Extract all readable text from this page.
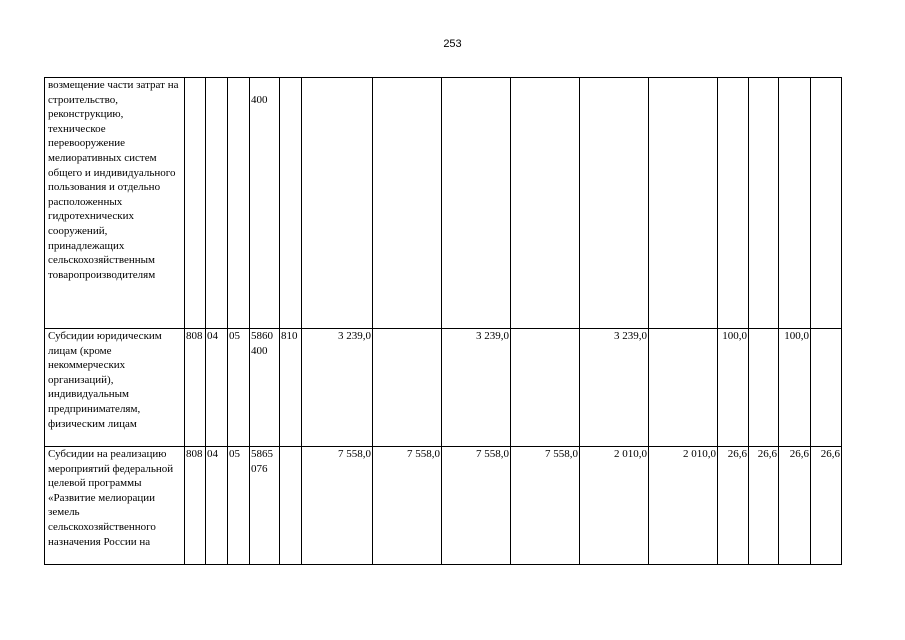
253
возмещение части затрат на строительство, реконструкцию, техническое перевооружение мелиоративных систем общего и индивидуального пользования и отдельно расположенных гидротехнических сооружений, принадлежащих сельскохозяйственным товаропроизводителям				400											
Субсидии юридическим лицам (кроме некоммерческих организаций), индивидуальным предпринимателям, физическим лицам	808	04	05	5860
400	810	3 239,0		3 239,0		3 239,0		100,0		100,0	
Субсидии на реализацию мероприятий федеральной целевой программы «Развитие мелиорации земель сельскохозяйственного назначения России на	808	04	05	5865
076		7 558,0	7 558,0	7 558,0	7 558,0	2 010,0	2 010,0	26,6	26,6	26,6	26,6
